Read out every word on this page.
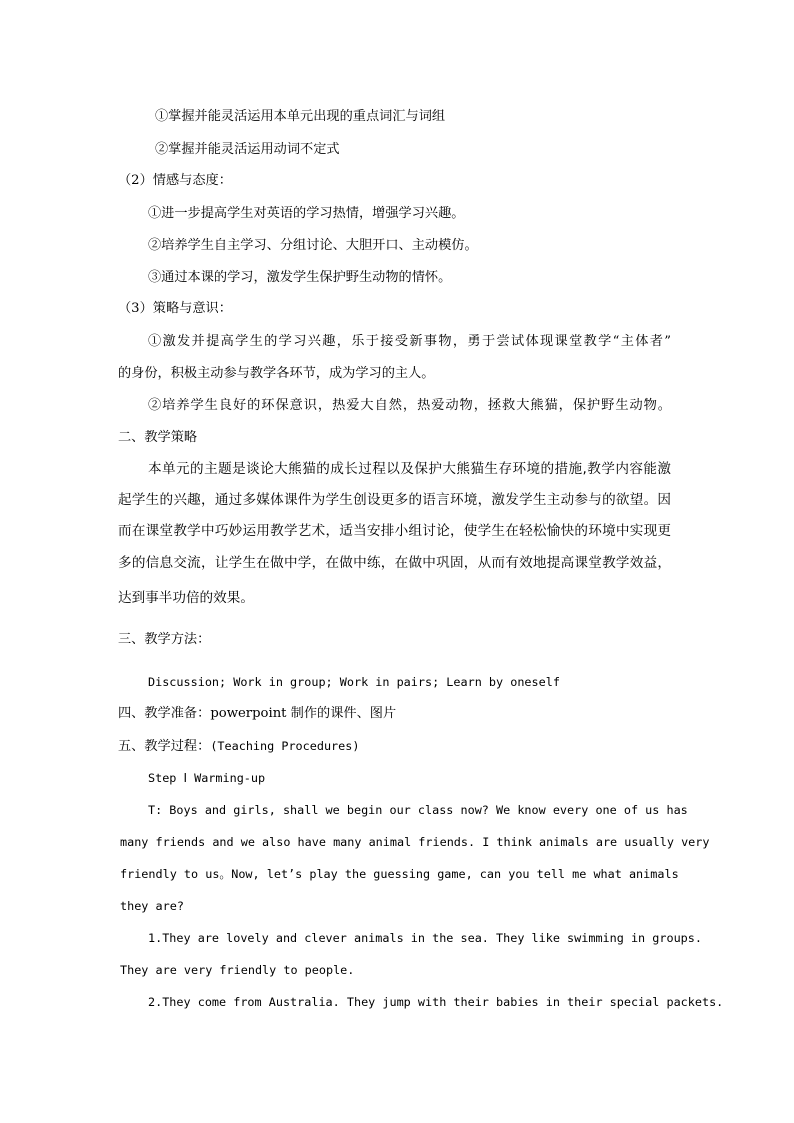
①掌握并能灵活运用本单元出现的重点词汇与词组
②掌握并能灵活运用动词不定式
（2）情感与态度：
①进一步提高学生对英语的学习热情，增强学习兴趣。
②培养学生自主学习、分组讨论、大胆开口、主动模仿。
③通过本课的学习，激发学生保护野生动物的情怀。
（3）策略与意识：
①激发并提高学生的学习兴趣，乐于接受新事物，勇于尝试体现课堂教学“主体者”
的身份，积极主动参与教学各环节，成为学习的主人。
②培养学生良好的环保意识，热爱大自然，热爱动物，拯救大熊猫，保护野生动物。
二、教学策略
本单元的主题是谈论大熊猫的成长过程以及保护大熊猫生存环境的措施,教学内容能激
起学生的兴趣，通过多媒体课件为学生创设更多的语言环境，激发学生主动参与的欲望。因
而在课堂教学中巧妙运用教学艺术，适当安排小组讨论，使学生在轻松愉快的环境中实现更
多的信息交流，让学生在做中学，在做中练，在做中巩固，从而有效地提高课堂教学效益，
达到事半功倍的效果。
三、教学方法：
Discussion; Work in group; Work in pairs; Learn by oneself
四、教学准备：powerpoint 制作的课件、图片
五、教学过程：(Teaching Procedures)
Step Ⅰ Warming-up
T: Boys and girls, shall we begin our class now? We know every one of us has
many friends and we also have many animal friends. I think animals are usually very
friendly to us。Now, let’s play the guessing game, can you tell me what animals
they are?
1.They are lovely and clever animals in the sea. They like swimming in groups.
They are very friendly to people.
2.They come from Australia. They jump with their babies in their special packets.
